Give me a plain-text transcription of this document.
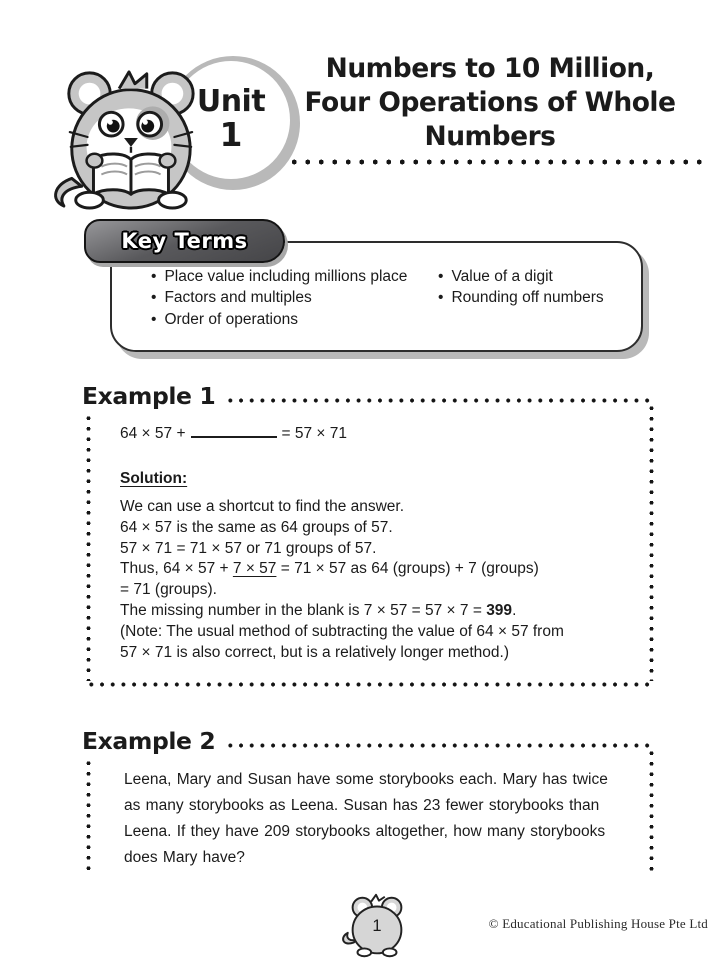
Unit
1
Numbers to 10 Million,
Four Operations of Whole
Numbers
Key Terms
• Place value including millions place
• Factors and multiples
• Order of operations
• Value of a digit
• Rounding off numbers
Example 1

64 × 57 +	= 57 × 71

Solution:

We can use a shortcut to find the answer.

64 × 57 is the same as 64 groups of 57.

57 × 71 = 71 × 57 or 71 groups of 57.

Thus, 64 × 57 + 7 × 57 = 71 × 57 as 64 (groups) + 7 (groups)

= 71 (groups).

The missing number in the blank is 7 × 57 = 57 × 7 = 399.

(Note: The usual method of subtracting the value of 64 × 57 from

57 × 71 is also correct, but is a relatively longer method.)

Example 2

Leena, Mary and Susan have some storybooks each. Mary has twice

as many storybooks as Leena. Susan has 23 fewer storybooks than

Leena. If they have 209 storybooks altogether, how many storybooks

does Mary have?

1	© Educational Publishing House Pte Ltd
